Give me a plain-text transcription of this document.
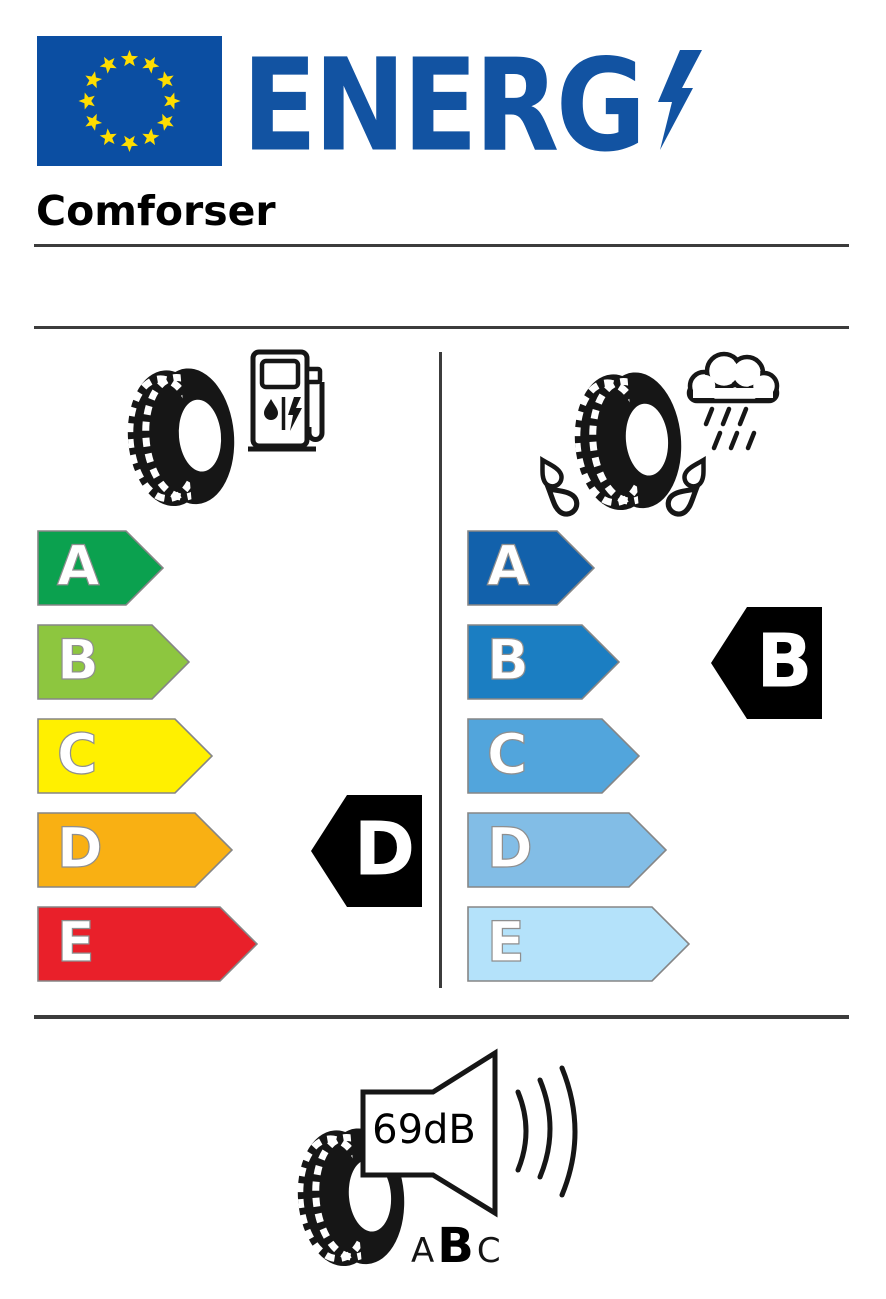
ENERG
Comforser
A
B
C
D
E
D
A
B
C
D
E
B
69dB
A B C
